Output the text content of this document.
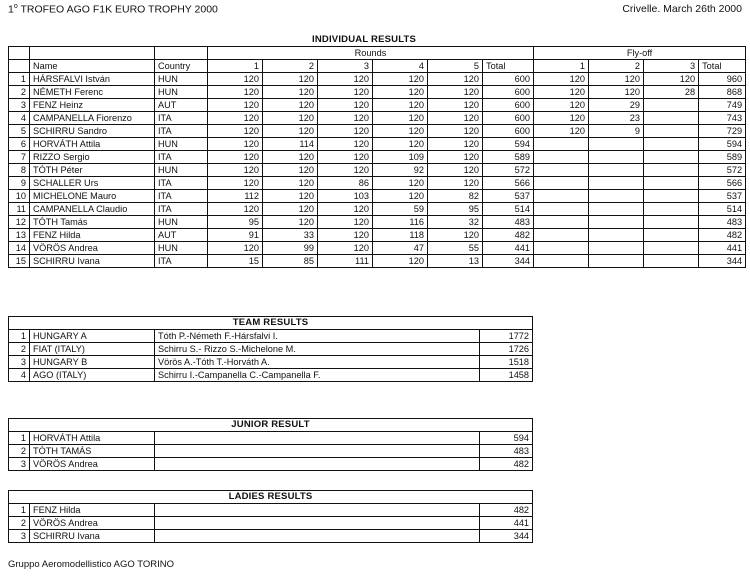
1$^o$ TROFEO AGO F1K EURO TROPHY 2000	Crivelle. March 26th 2000
	INDIVIDUAL RESULTS											
			Rounds						Fly-off			
	Name	Country	1	2	3	4	5	Total	1	2	3	Total
1	HÁRSFALVI István	HUN	120	120	120	120	120	600	120	120	120	960
2	NÉMETH Ferenc	HUN	120	120	120	120	120	600	120	120	28	868
3	FENZ Heinz	AUT	120	120	120	120	120	600	120	29		749
4	CAMPANELLA Fiorenzo	ITA	120	120	120	120	120	600	120	23		743
5	SCHIRRU Sandro	ITA	120	120	120	120	120	600	120	9		729
6	HORVÁTH Attila	HUN	120	114	120	120	120	594				594
7	RIZZO Sergio	ITA	120	120	120	109	120	589				589
8	TÓTH Péter	HUN	120	120	120	92	120	572				572
9	SCHALLER Urs	ITA	120	120	86	120	120	566				566
10	MICHELONE Mauro	ITA	112	120	103	120	82	537				537
11	CAMPANELLA Claudio	ITA	120	120	120	59	95	514				514
12	TÓTH Tamás	HUN	95	120	120	116	32	483				483
13	FENZ Hilda	AUT	91	33	120	118	120	482				482
14	VÖRÖS Andrea	HUN	120	99	120	47	55	441				441
15	SCHIRRU Ivana	ITA	15	85	111	120	13	344				344
TEAM RESULTS			
1	HUNGARY A	Tóth P.-Németh F.-Hársfalvi I.	1772
2	FIAT (ITALY)	Schirru S.- Rizzo S.-Michelone M.	1726
3	HUNGARY B	Vörös A.-Tóth T.-Horváth A.	1518
4	AGO (ITALY)	Schirru I.-Campanella C.-Campanella F.	1458
JUNIOR RESULT			
1	HORVÁTH Attila		594
2	TÓTH TAMÁS		483
3	VÖRÖS Andrea		482
LADIES RESULTS			
1	FENZ Hilda		482
2	VÖRÖS Andrea		441
3	SCHIRRU Ivana		344
Gruppo Aeromodellistico AGO TORINO
